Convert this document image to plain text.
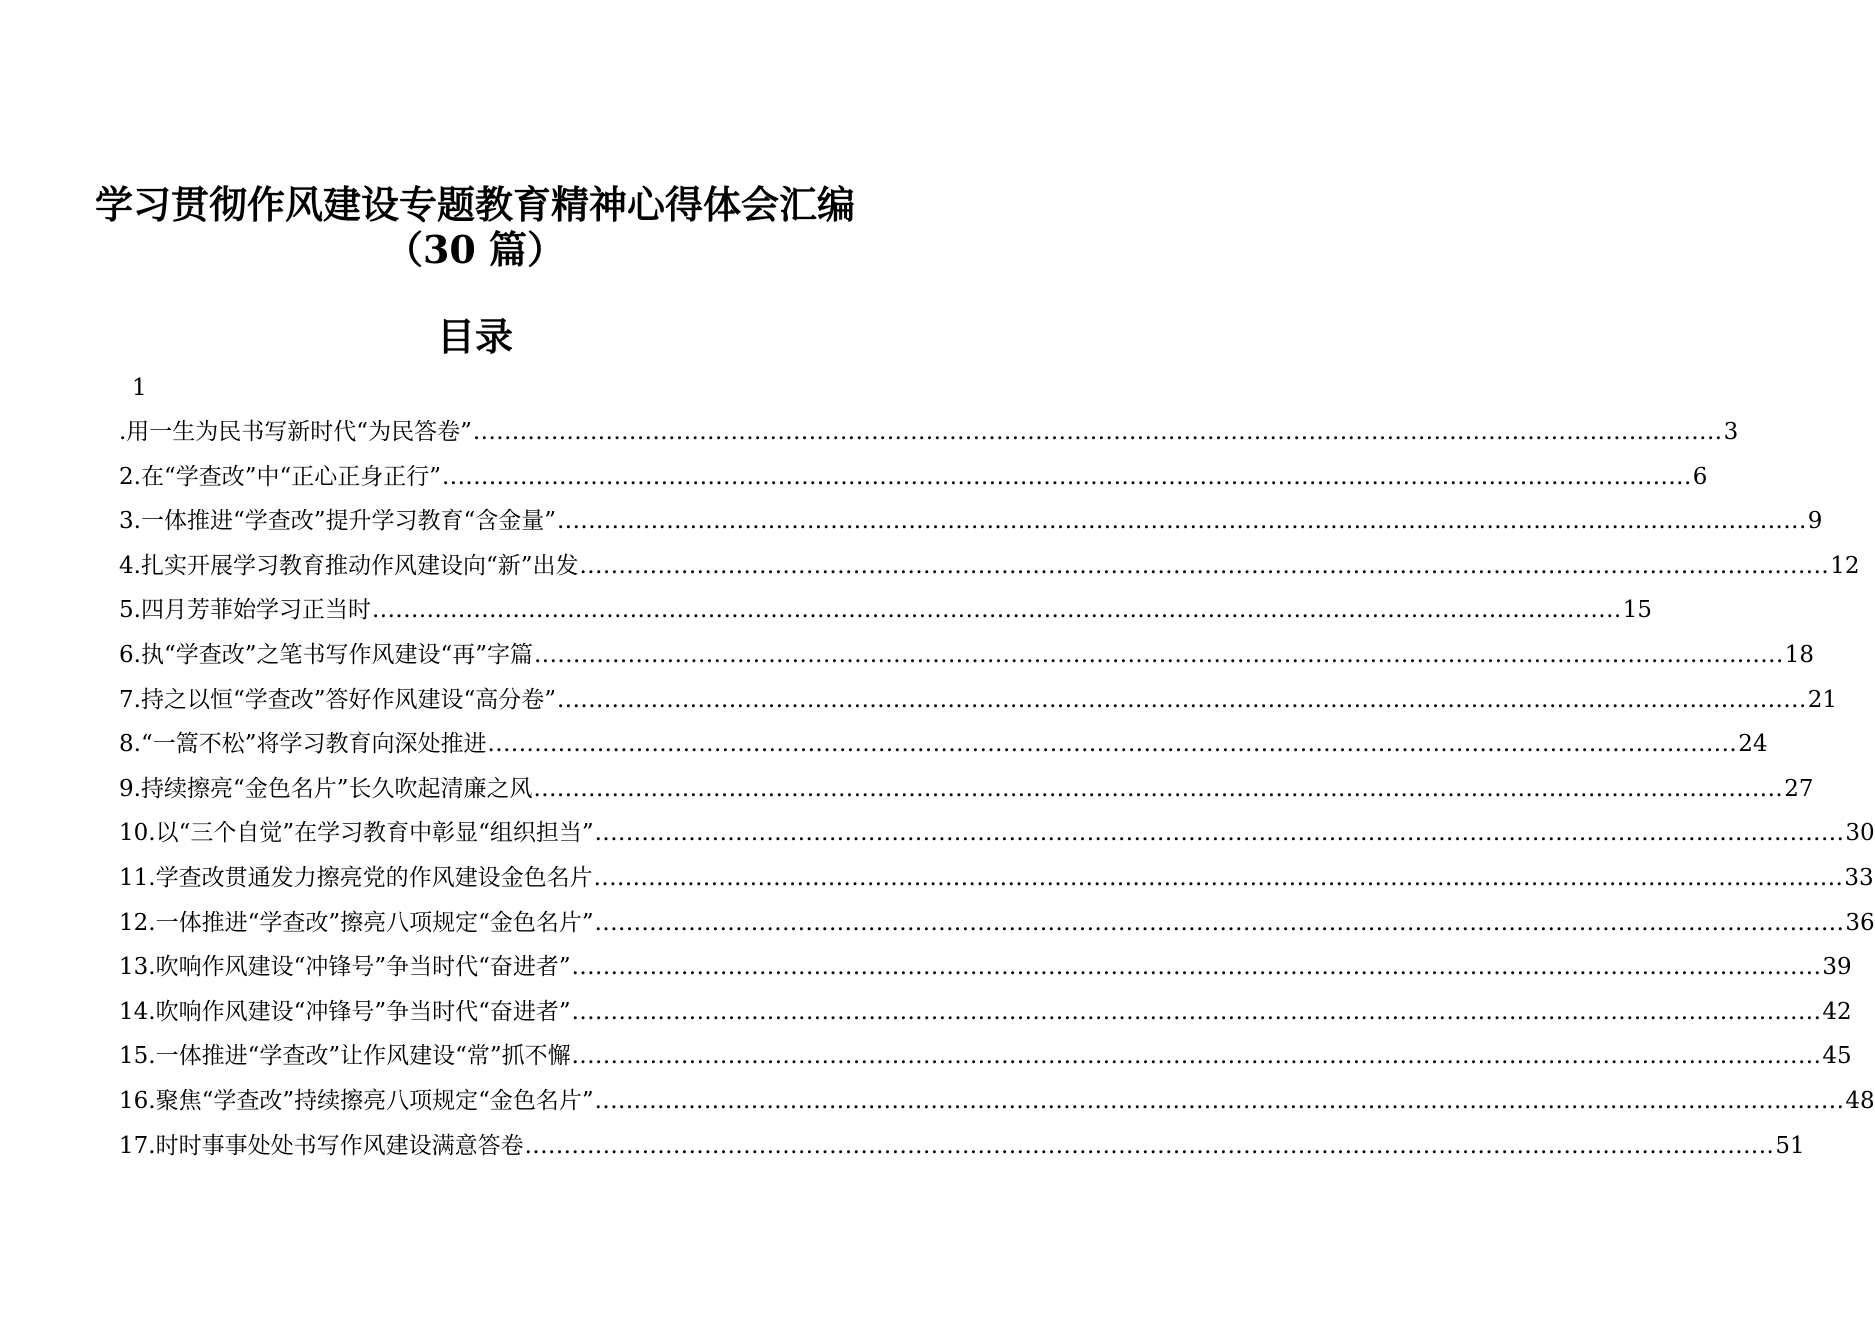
学习贯彻作风建设专题教育精神心得体会汇编
（30 篇）
目录
1
.用一生为民书写新时代“为民答卷” .....	3
2.在“学查改”中“正心正身正行” .....	6
3.一体推进“学查改”提升学习教育“含金量” .....	9
4.扎实开展学习教育推动作风建设向“新”出发 .....	12
5.四月芳菲始学习正当时 .....	15
6.执“学查改”之笔书写作风建设“再”字篇 .....	18
7.持之以恒“学查改”答好作风建设“高分卷” .....	21
8.“一篙不松”将学习教育向深处推进 .....	24
9.持续擦亮“金色名片”长久吹起清廉之风 .....	27
10.以“三个自觉”在学习教育中彰显“组织担当” .....	30
11.学查改贯通发力擦亮党的作风建设金色名片 .....	33
12.一体推进“学查改”擦亮八项规定“金色名片” .....	36
13.吹响作风建设“冲锋号”争当时代“奋进者” .....	39
14.吹响作风建设“冲锋号”争当时代“奋进者” .....	42
15.一体推进“学查改”让作风建设“常”抓不懈 .....	45
16.聚焦“学查改”持续擦亮八项规定“金色名片” .....	48
17.时时事事处处书写作风建设满意答卷 .....	51
